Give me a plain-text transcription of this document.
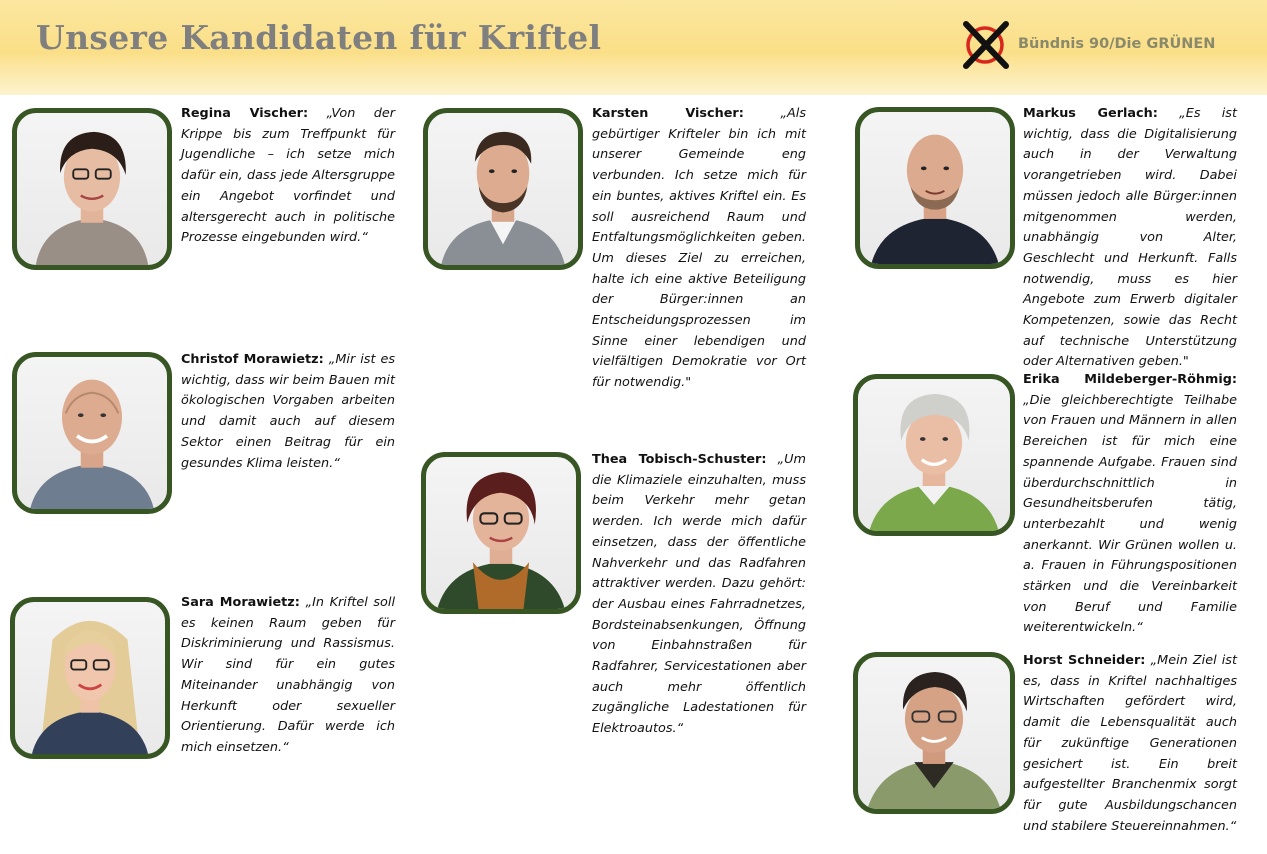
Unsere Kandidaten für Kriftel	Bündnis 90/Die GRÜNEN

Regina Vischer: „Von der Krippe bis zum Treffpunkt für Jugendliche – ich setze mich dafür ein, dass jede Altersgruppe ein Angebot vorfindet und altersgerecht auch in politische Prozesse eingebunden wird.“

Christof Morawietz: „Mir ist es wichtig, dass wir beim Bauen mit ökologischen Vorgaben arbeiten und damit auch auf diesem Sektor einen Beitrag für ein gesundes Klima leisten.“

Sara Morawietz: „In Kriftel soll es keinen Raum geben für Diskriminierung und Rassismus. Wir sind für ein gutes Miteinander unabhängig von Herkunft oder sexueller Orientierung. Dafür werde ich mich einsetzen.“

Karsten Vischer:	„Als gebürtiger Krifteler bin ich mit unserer Gemeinde eng verbunden. Ich setze mich für ein buntes, aktives Kriftel ein. Es soll ausreichend Raum und Entfaltungsmöglichkeiten geben. Um dieses Ziel zu erreichen, halte ich eine aktive Beteiligung der Bürger:innen an Entscheidungsprozessen im Sinne einer lebendigen und vielfältigen Demokratie vor Ort für notwendig."

Thea Tobisch-Schuster: „Um die Klimaziele einzuhalten, muss beim Verkehr mehr getan werden. Ich werde mich dafür einsetzen, dass der öffentliche Nahverkehr und das Radfahren attraktiver werden. Dazu gehört: der Ausbau eines Fahrradnetzes, Bordsteinabsenkungen, Öffnung von Einbahnstraßen für Radfahrer, Servicestationen aber auch mehr öffentlich zugängliche Ladestationen für Elektroautos.“

Markus Gerlach: „Es ist wichtig, dass die Digitalisierung auch in der Verwaltung vorangetrieben wird. Dabei müssen jedoch alle Bürger:innen mitgenommen werden, unabhängig von Alter, Geschlecht und Herkunft. Falls notwendig, muss es hier Angebote zum Erwerb digitaler Kompetenzen, sowie das Recht auf technische Unterstützung oder Alternativen geben."

Erika Mildeberger-Röhmig: „Die gleichberechtigte Teilhabe von Frauen und Männern in allen Bereichen ist für mich eine spannende Aufgabe. Frauen sind überdurchschnittlich in Gesundheitsberufen tätig, unterbezahlt und wenig anerkannt. Wir Grünen wollen u. a. Frauen in Führungspositionen stärken und die Vereinbarkeit von Beruf und Familie weiterentwickeln.“

Horst Schneider: „Mein Ziel ist es, dass in Kriftel nachhaltiges Wirtschaften gefördert wird, damit die Lebensqualität auch für zukünftige Generationen gesichert ist. Ein breit aufgestellter Branchenmix sorgt für gute Ausbildungschancen und stabilere Steuereinnahmen.“
